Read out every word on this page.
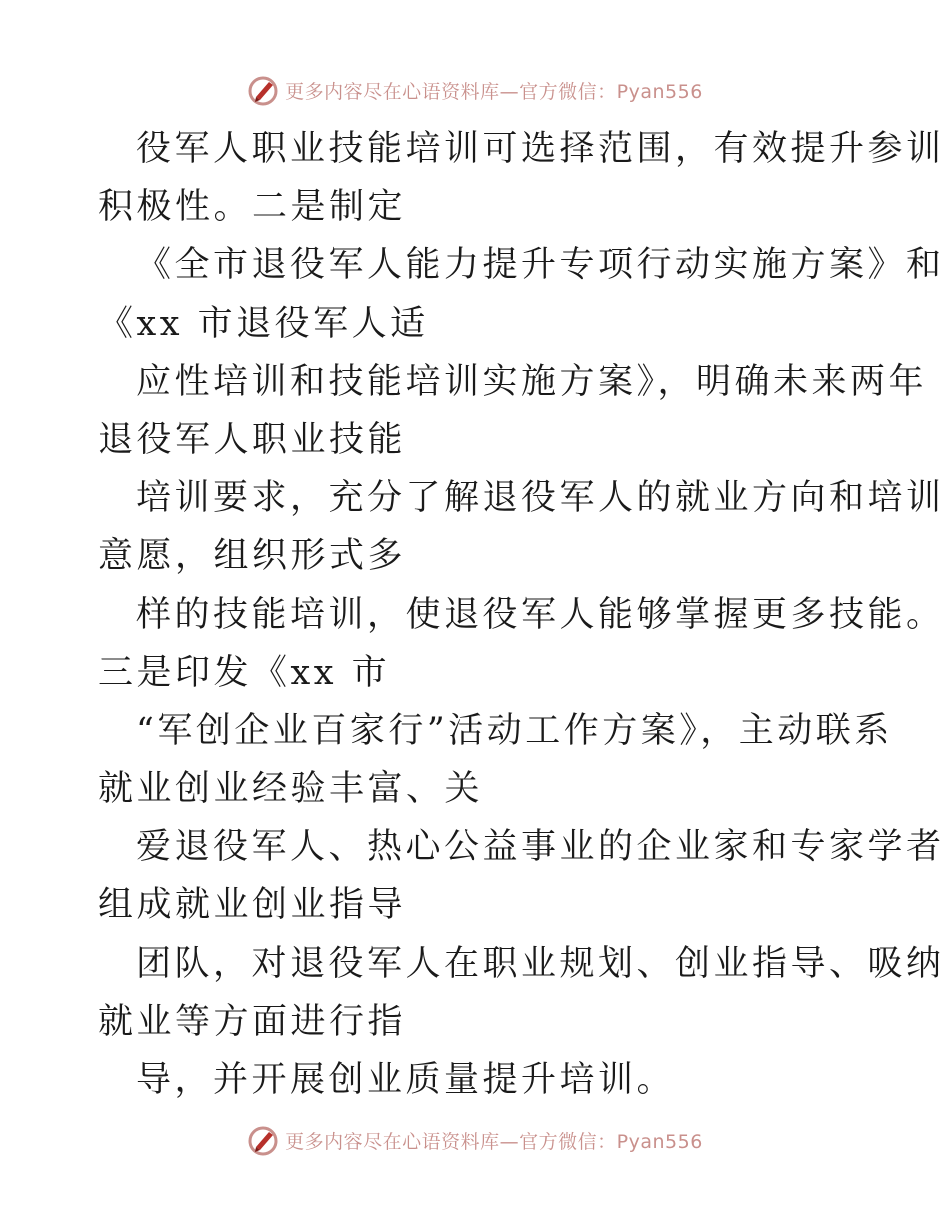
更多内容尽在心语资料库—官方微信：Pyan556
役军人职业技能培训可选择范围，有效提升参训
积极性。二是制定
《全市退役军人能力提升专项行动实施方案》和
《xx 市退役军人适
应性培训和技能培训实施方案》，明确未来两年
退役军人职业技能
培训要求，充分了解退役军人的就业方向和培训
意愿，组织形式多
样的技能培训，使退役军人能够掌握更多技能。
三是印发《xx 市
“军创企业百家行”活动工作方案》，主动联系
就业创业经验丰富、关
爱退役军人、热心公益事业的企业家和专家学者
组成就业创业指导
团队，对退役军人在职业规划、创业指导、吸纳
就业等方面进行指
导，并开展创业质量提升培训。
更多内容尽在心语资料库—官方微信：Pyan556
